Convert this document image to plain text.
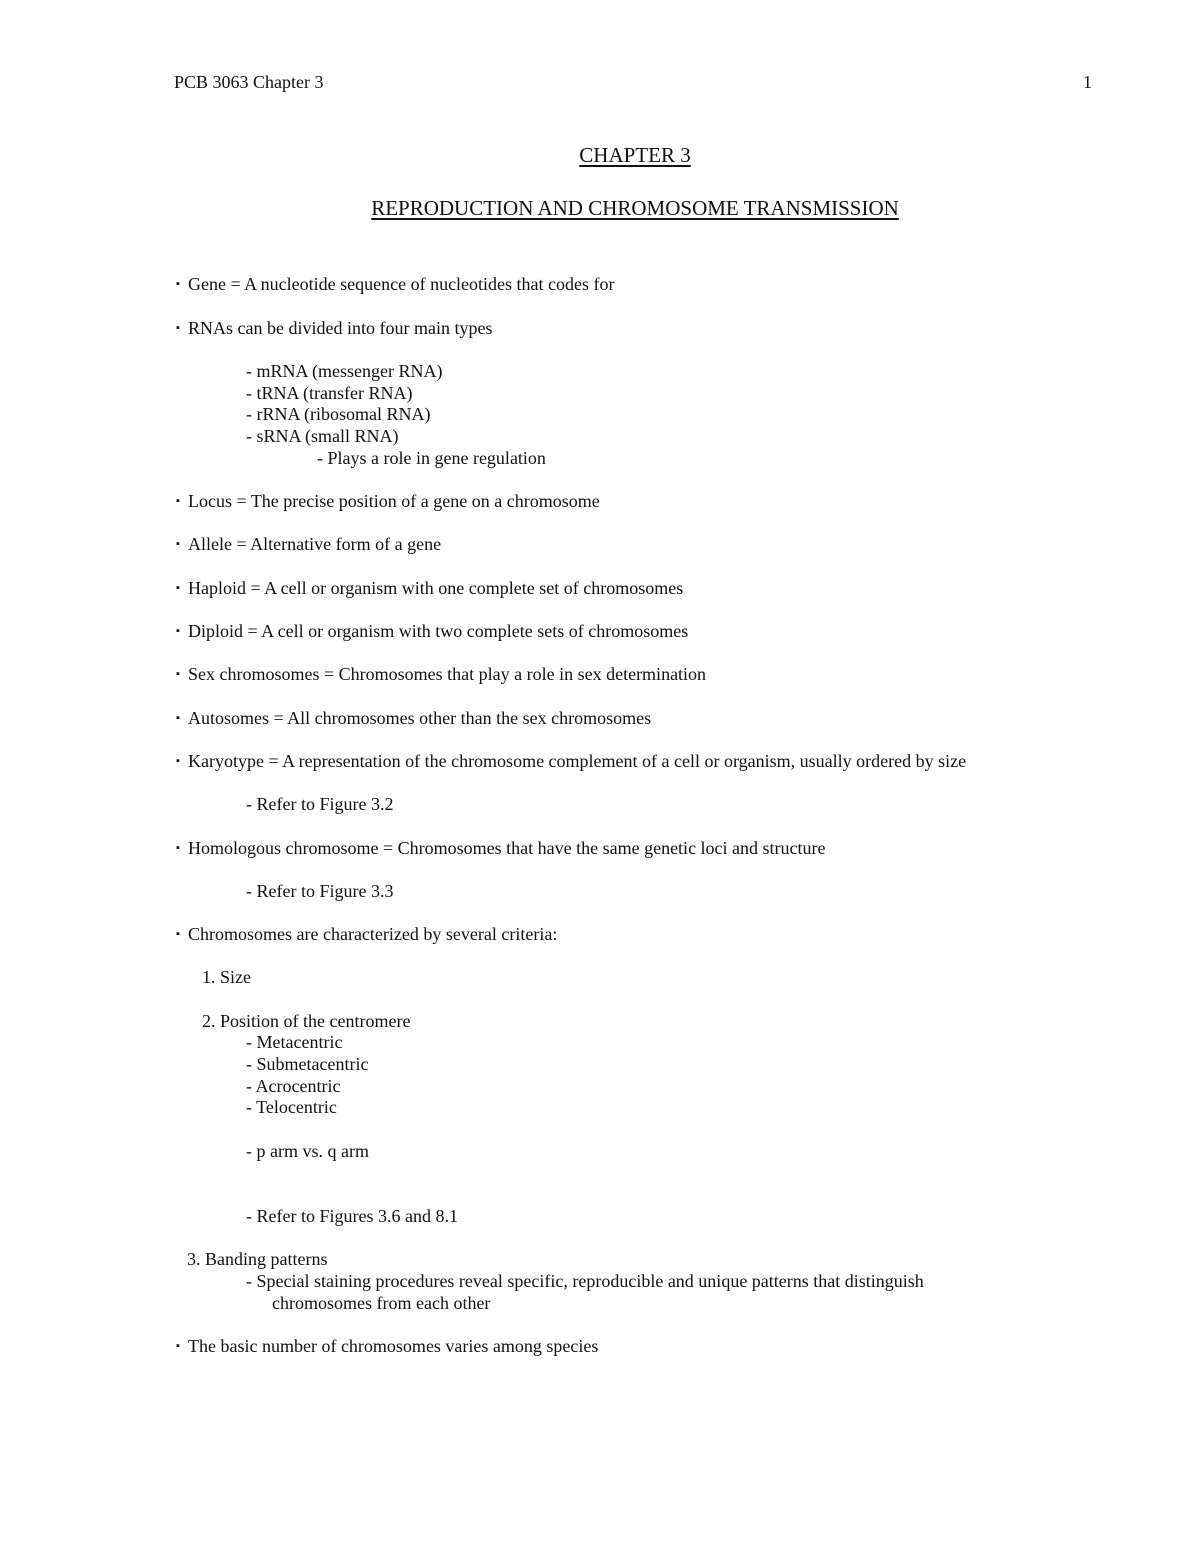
PCB 3063 Chapter 3	1
CHAPTER 3
REPRODUCTION AND CHROMOSOME TRANSMISSION
▪ Gene = A nucleotide sequence of nucleotides that codes for
▪ RNAs can be divided into four main types
- mRNA (messenger RNA)
- tRNA (transfer RNA)
- rRNA (ribosomal RNA)
- sRNA (small RNA)
- Plays a role in gene regulation
▪ Locus = The precise position of a gene on a chromosome
▪ Allele = Alternative form of a gene
▪ Haploid = A cell or organism with one complete set of chromosomes
▪ Diploid = A cell or organism with two complete sets of chromosomes
▪ Sex chromosomes = Chromosomes that play a role in sex determination
▪ Autosomes = All chromosomes other than the sex chromosomes
▪ Karyotype = A representation of the chromosome complement of a cell or organism, usually ordered by size
- Refer to Figure 3.2
▪ Homologous chromosome = Chromosomes that have the same genetic loci and structure
- Refer to Figure 3.3
▪ Chromosomes are characterized by several criteria:
1. Size
2. Position of the centromere
- Metacentric
- Submetacentric
- Acrocentric
- Telocentric
- p arm vs. q arm
- Refer to Figures 3.6 and 8.1
3. Banding patterns
- Special staining procedures reveal specific, reproducible and unique patterns that distinguish
chromosomes from each other
▪ The basic number of chromosomes varies among species
